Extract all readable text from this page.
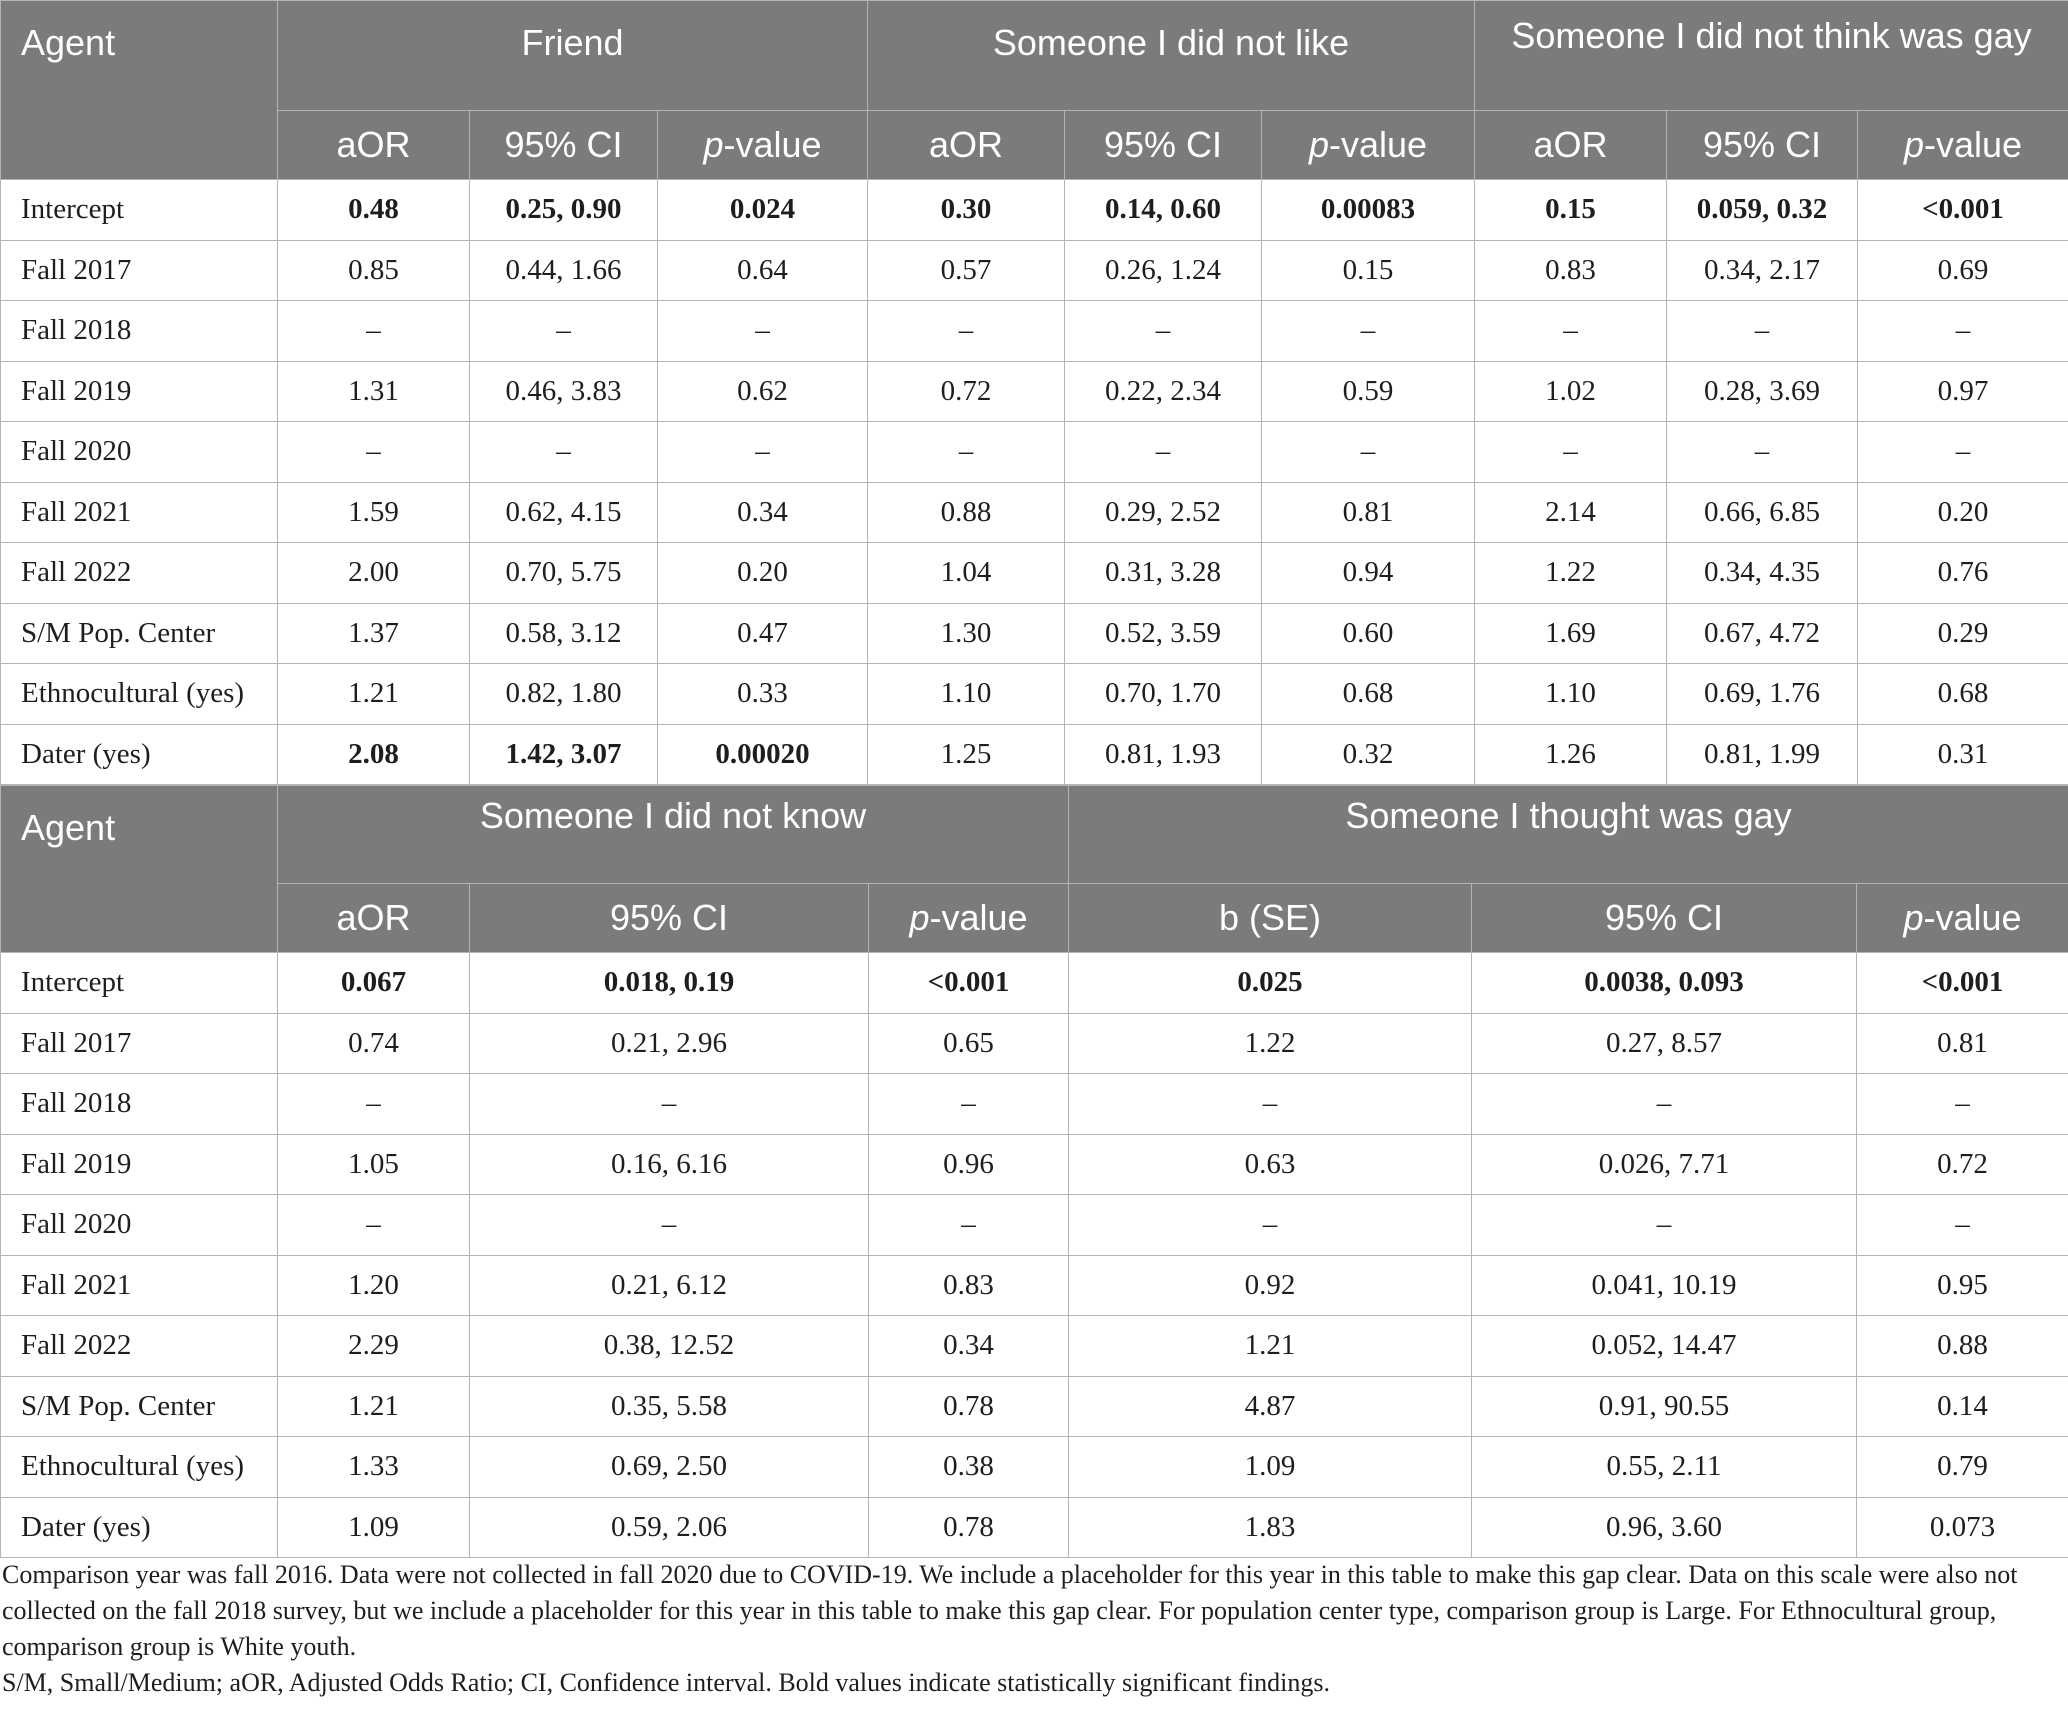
Agent	Friend			Someone I did not like			Someone I did not think was gay		
	aOR	95% CI	p-value	aOR	95% CI	p-value	aOR	95% CI	p-value
Intercept	0.48	0.25, 0.90	0.024	0.30	0.14, 0.60	0.00083	0.15	0.059, 0.32	<0.001
Fall 2017	0.85	0.44, 1.66	0.64	0.57	0.26, 1.24	0.15	0.83	0.34, 2.17	0.69
Fall 2018	–	–	–	–	–	–	–	–	–
Fall 2019	1.31	0.46, 3.83	0.62	0.72	0.22, 2.34	0.59	1.02	0.28, 3.69	0.97
Fall 2020	–	–	–	–	–	–	–	–	–
Fall 2021	1.59	0.62, 4.15	0.34	0.88	0.29, 2.52	0.81	2.14	0.66, 6.85	0.20
Fall 2022	2.00	0.70, 5.75	0.20	1.04	0.31, 3.28	0.94	1.22	0.34, 4.35	0.76
S/M Pop. Center	1.37	0.58, 3.12	0.47	1.30	0.52, 3.59	0.60	1.69	0.67, 4.72	0.29
Ethnocultural (yes)	1.21	0.82, 1.80	0.33	1.10	0.70, 1.70	0.68	1.10	0.69, 1.76	0.68
Dater (yes)	2.08	1.42, 3.07	0.00020	1.25	0.81, 1.93	0.32	1.26	0.81, 1.99	0.31
Agent	Someone I did not know			Someone I thought was gay		
	aOR	95% CI	p-value	b (SE)	95% CI	p-value
Intercept	0.067	0.018, 0.19	<0.001	0.025	0.0038, 0.093	<0.001
Fall 2017	0.74	0.21, 2.96	0.65	1.22	0.27, 8.57	0.81
Fall 2018	–	–	–	–	–	–
Fall 2019	1.05	0.16, 6.16	0.96	0.63	0.026, 7.71	0.72
Fall 2020	–	–	–	–	–	–
Fall 2021	1.20	0.21, 6.12	0.83	0.92	0.041, 10.19	0.95
Fall 2022	2.29	0.38, 12.52	0.34	1.21	0.052, 14.47	0.88
S/M Pop. Center	1.21	0.35, 5.58	0.78	4.87	0.91, 90.55	0.14
Ethnocultural (yes)	1.33	0.69, 2.50	0.38	1.09	0.55, 2.11	0.79
Dater (yes)	1.09	0.59, 2.06	0.78	1.83	0.96, 3.60	0.073

Comparison year was fall 2016. Data were not collected in fall 2020 due to COVID-19. We include a placeholder for this year in this table to make this gap clear. Data on this scale were also not collected on the fall 2018 survey, but we include a placeholder for this year in this table to make this gap clear. For population center type, comparison group is Large. For Ethnocultural group, comparison group is White youth.

S/M, Small/Medium; aOR, Adjusted Odds Ratio; CI, Confidence interval. Bold values indicate statistically significant findings.
